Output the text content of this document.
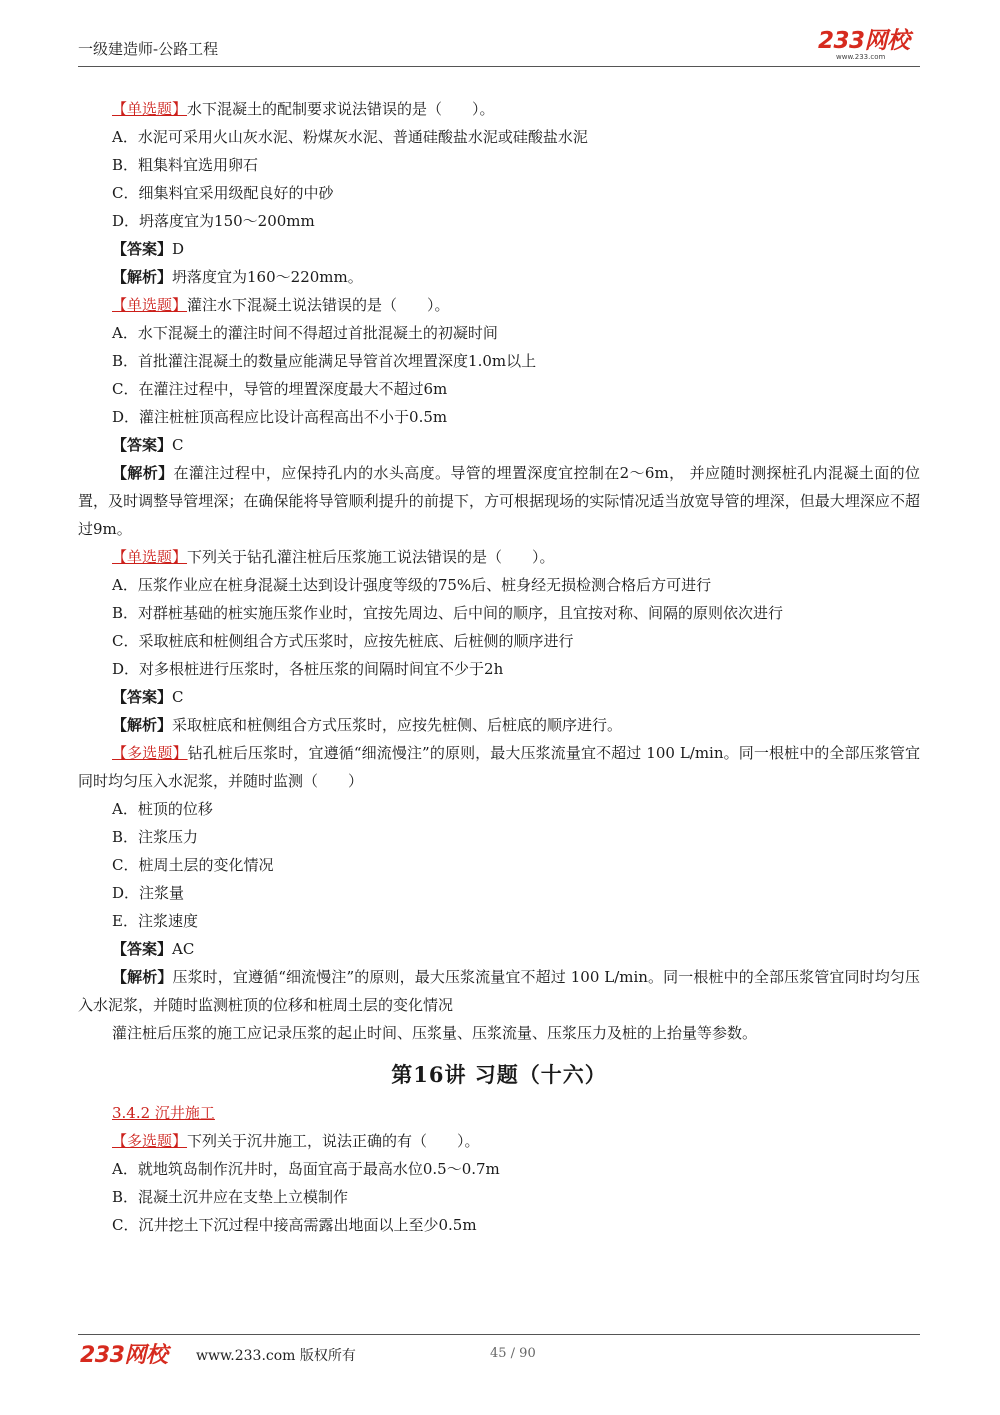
一级建造师-公路工程	233网校
www.233.com
【单选题】水下混凝土的配制要求说法错误的是（　　）。
A．水泥可采用火山灰水泥、粉煤灰水泥、普通硅酸盐水泥或硅酸盐水泥
B．粗集料宜选用卵石
C．细集料宜采用级配良好的中砂
D．坍落度宜为150～200mm
【答案】D
【解析】坍落度宜为160～220mm。
【单选题】灌注水下混凝土说法错误的是（　　）。
A．水下混凝土的灌注时间不得超过首批混凝土的初凝时间
B．首批灌注混凝土的数量应能满足导管首次埋置深度1.0m以上
C．在灌注过程中，导管的埋置深度最大不超过6m
D．灌注桩桩顶高程应比设计高程高出不小于0.5m
【答案】C
【解析】在灌注过程中，应保持孔内的水头高度。导管的埋置深度宜控制在2～6m， 并应随时测探桩孔内混凝土面的位置，及时调整导管埋深；在确保能将导管顺利提升的前提下，方可根据现场的实际情况适当放宽导管的埋深，但最大埋深应不超过9m。
【单选题】下列关于钻孔灌注桩后压浆施工说法错误的是（　　）。
A．压浆作业应在桩身混凝土达到设计强度等级的75%后、桩身经无损检测合格后方可进行
B．对群桩基础的桩实施压浆作业时，宜按先周边、后中间的顺序，且宜按对称、间隔的原则依次进行
C．采取桩底和桩侧组合方式压浆时，应按先桩底、后桩侧的顺序进行
D．对多根桩进行压浆时，各桩压浆的间隔时间宜不少于2h
【答案】C
【解析】采取桩底和桩侧组合方式压浆时，应按先桩侧、后桩底的顺序进行。
【多选题】钻孔桩后压浆时，宜遵循“细流慢注”的原则，最大压浆流量宜不超过 100 L/min。同一根桩中的全部压浆管宜同时均匀压入水泥浆，并随时监测（　　）
A．桩顶的位移
B．注浆压力
C．桩周土层的变化情况
D．注浆量
E．注浆速度
【答案】AC
【解析】压浆时，宜遵循“细流慢注”的原则，最大压浆流量宜不超过 100 L/min。同一根桩中的全部压浆管宜同时均匀压入水泥浆，并随时监测桩顶的位移和桩周土层的变化情况
灌注桩后压浆的施工应记录压浆的起止时间、压浆量、压浆流量、压浆压力及桩的上抬量等参数。
第16讲 习题（十六）
3.4.2 沉井施工
【多选题】下列关于沉井施工，说法正确的有（　　）。
A．就地筑岛制作沉井时，岛面宜高于最高水位0.5～0.7m
B．混凝土沉井应在支垫上立模制作
C．沉井挖土下沉过程中接高需露出地面以上至少0.5m
233网校 www.233.com 版权所有	45 / 90
